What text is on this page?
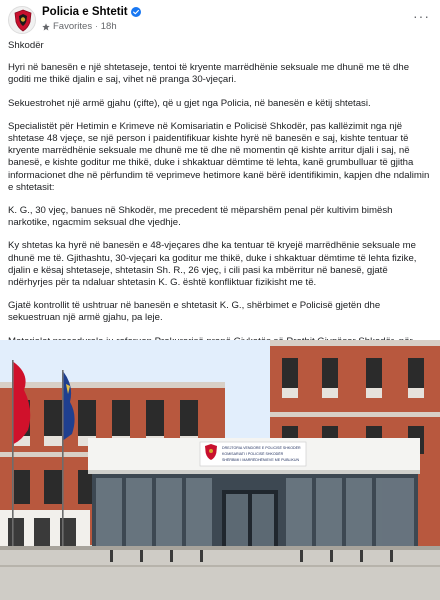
Policia e Shtetit
Favorites · 18h
···

Shkodër

Hyri në banesën e një shtetaseje, tentoi të kryente marrëdhënie seksuale me dhunë me të dhe goditi me thikë djalin e saj, vihet në pranga 30-vjeçari.

Sekuestrohet një armë gjahu (çifte), që u gjet nga Policia, në banesën e këtij shtetasi.

Specialistët për Hetimin e Krimeve në Komisariatin e Policisë Shkodër, pas kallëzimit nga një shtetase 48 vjeçe, se një person i paidentifikuar kishte hyrë në banesën e saj, kishte tentuar të kryente marrëdhënie seksuale me dhunë me të dhe në momentin që kishte arritur djali i saj, në banesë, e kishte goditur me thikë, duke i shkaktuar dëmtime të lehta, kanë grumbulluar të gjitha informacionet dhe në përfundim të veprimeve hetimore kanë bërë identifikimin, kapjen dhe ndalimin e shtetasit:

K. G., 30 vjeç, banues në Shkodër, me precedent të mëparshëm penal për kultivim bimësh narkotike, ngacmim seksual dhe vjedhje.

Ky shtetas ka hyrë në banesën e 48-vjeçares dhe ka tentuar të kryejë marrëdhënie seksuale me dhunë me të. Gjithashtu, 30-vjeçari ka goditur me thikë, duke i shkaktuar dëmtime të lehta fizike, djalin e kësaj shtetaseje, shtetasin Sh. R., 26 vjeç, i cili pasi ka mbërritur në banesë, gjatë ndërhyrjes për ta ndaluar shtetasin K. G. është konfliktuar fizikisht me të.

Gjatë kontrollit të ushtruar në banesën e shtetasit K. G., shërbimet e Policisë gjetën dhe sekuestruan një armë gjahu, pa leje.

DREJTORIA VENDORE E POLICISË SHKODËR
KOMISARIATI I POLICISË SHKODËR
SHËRBIMI I MARRËDHËNIEVE ME PUBLIKUN
